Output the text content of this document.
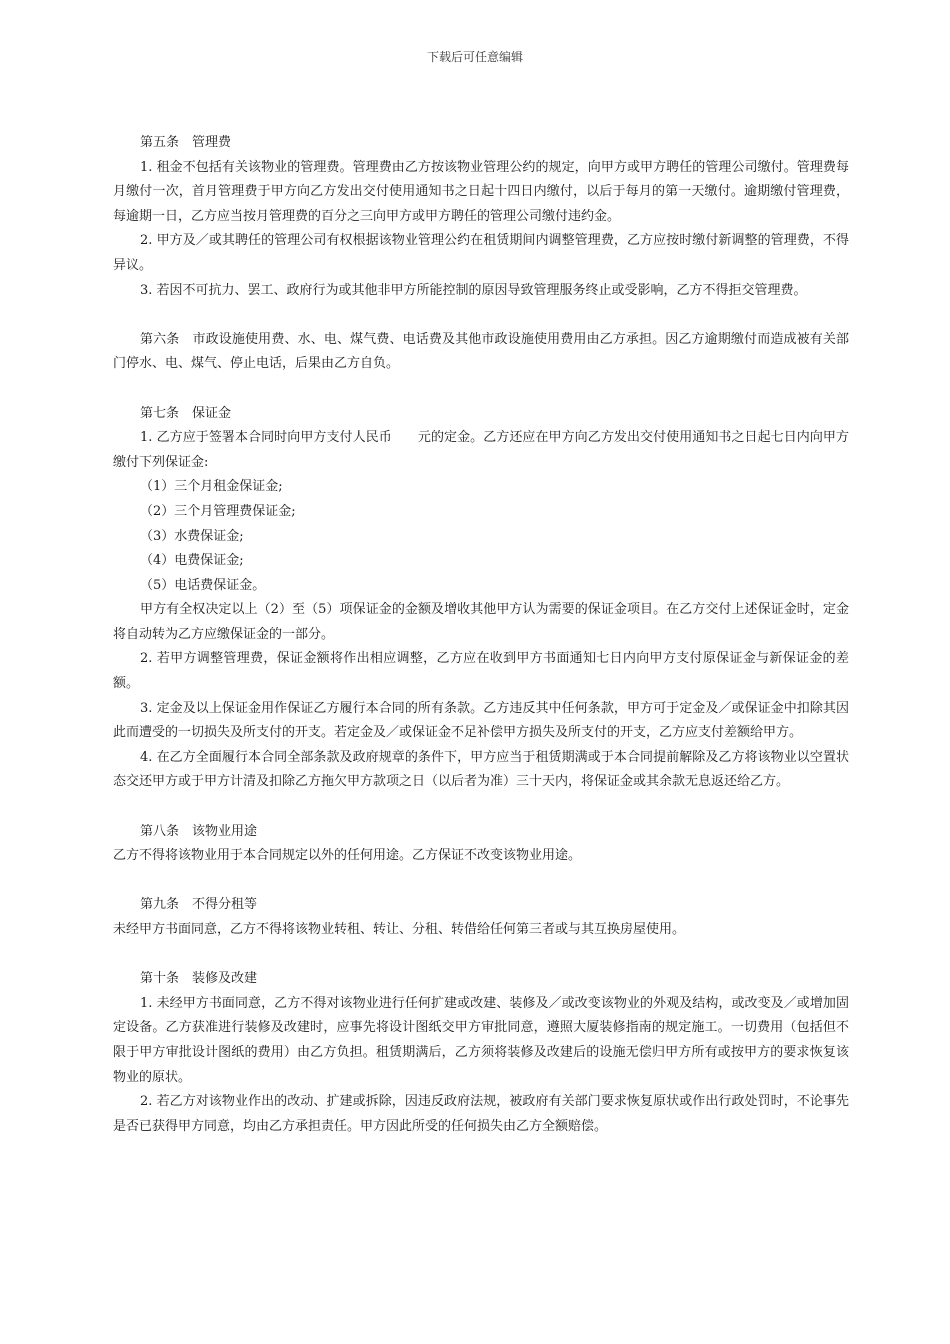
下载后可任意编辑

第五条　管理费

1. 租金不包括有关该物业的管理费。管理费由乙方按该物业管理公约的规定，向甲方或甲方聘任的管理公司缴付。管理费每月缴付一次，首月管理费于甲方向乙方发出交付使用通知书之日起十四日内缴付，以后于每月的第一天缴付。逾期缴付管理费，每逾期一日，乙方应当按月管理费的百分之三向甲方或甲方聘任的管理公司缴付违约金。

2. 甲方及／或其聘任的管理公司有权根据该物业管理公约在租赁期间内调整管理费，乙方应按时缴付新调整的管理费，不得异议。

3. 若因不可抗力、罢工、政府行为或其他非甲方所能控制的原因导致管理服务终止或受影响，乙方不得拒交管理费。

第六条　市政设施使用费、水、电、煤气费、电话费及其他市政设施使用费用由乙方承担。因乙方逾期缴付而造成被有关部门停水、电、煤气、停止电话，后果由乙方自负。

第七条　保证金

1. 乙方应于签署本合同时向甲方支付人民币　　元的定金。乙方还应在甲方向乙方发出交付使用通知书之日起七日内向甲方缴付下列保证金:

（1）三个月租金保证金;

（2）三个月管理费保证金;

（3）水费保证金;

（4）电费保证金;

（5）电话费保证金。

甲方有全权决定以上（2）至（5）项保证金的金额及增收其他甲方认为需要的保证金项目。在乙方交付上述保证金时，定金将自动转为乙方应缴保证金的一部分。

2. 若甲方调整管理费，保证金额将作出相应调整，乙方应在收到甲方书面通知七日内向甲方支付原保证金与新保证金的差额。

3. 定金及以上保证金用作保证乙方履行本合同的所有条款。乙方违反其中任何条款，甲方可于定金及／或保证金中扣除其因此而遭受的一切损失及所支付的开支。若定金及／或保证金不足补偿甲方损失及所支付的开支，乙方应支付差额给甲方。

4. 在乙方全面履行本合同全部条款及政府规章的条件下，甲方应当于租赁期满或于本合同提前解除及乙方将该物业以空置状态交还甲方或于甲方计清及扣除乙方拖欠甲方款项之日（以后者为准）三十天内，将保证金或其余款无息返还给乙方。

第八条　该物业用途

乙方不得将该物业用于本合同规定以外的任何用途。乙方保证不改变该物业用途。

第九条　不得分租等

未经甲方书面同意，乙方不得将该物业转租、转让、分租、转借给任何第三者或与其互换房屋使用。

第十条　装修及改建

1. 未经甲方书面同意，乙方不得对该物业进行任何扩建或改建、装修及／或改变该物业的外观及结构，或改变及／或增加固定设备。乙方获准进行装修及改建时，应事先将设计图纸交甲方审批同意，遵照大厦装修指南的规定施工。一切费用（包括但不限于甲方审批设计图纸的费用）由乙方负担。租赁期满后，乙方须将装修及改建后的设施无偿归甲方所有或按甲方的要求恢复该物业的原状。

2. 若乙方对该物业作出的改动、扩建或拆除，因违反政府法规，被政府有关部门要求恢复原状或作出行政处罚时，不论事先是否已获得甲方同意，均由乙方承担责任。甲方因此所受的任何损失由乙方全额赔偿。
